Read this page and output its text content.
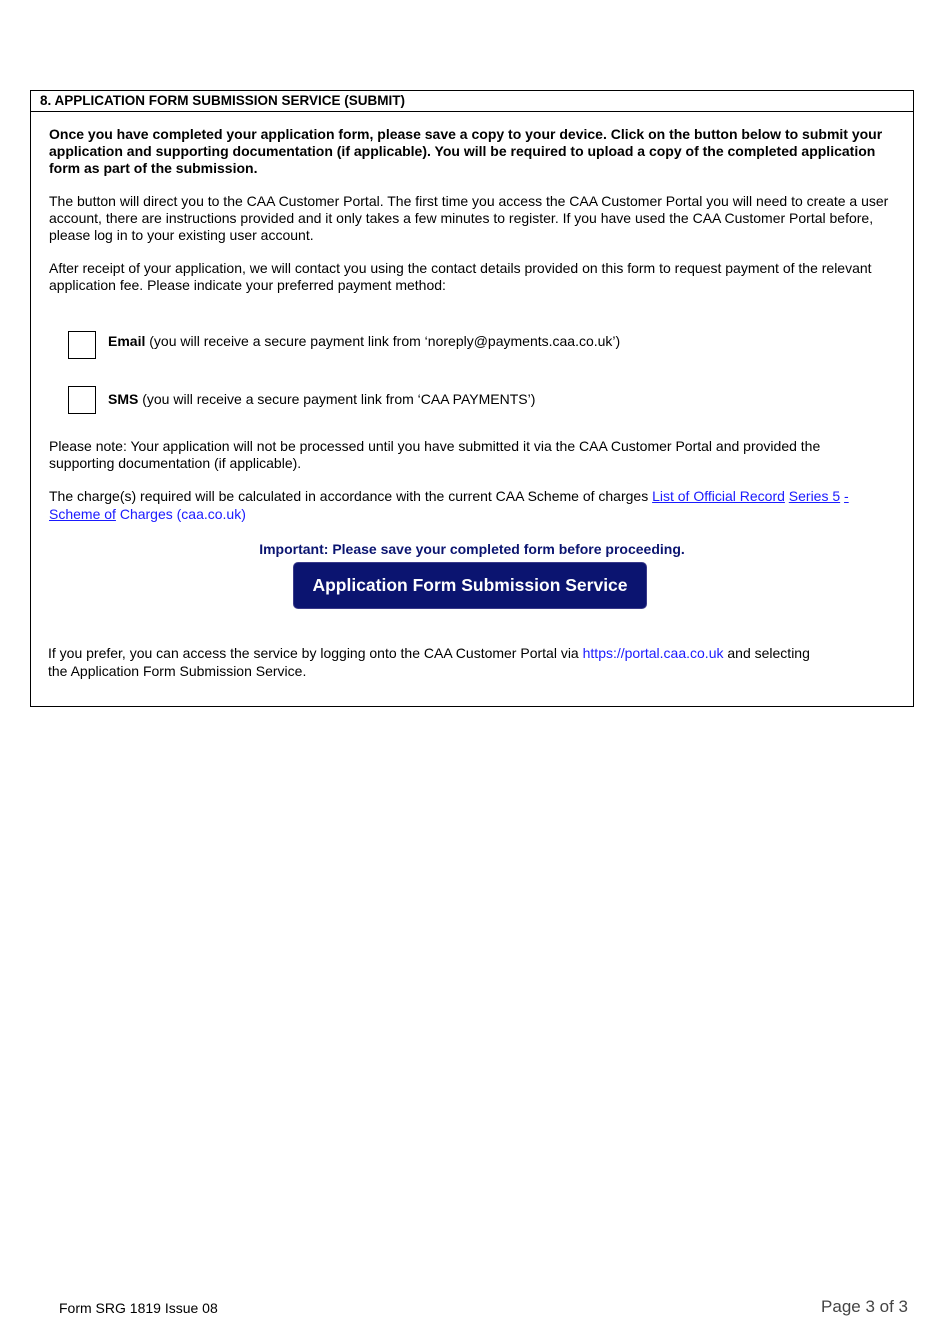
8. APPLICATION FORM SUBMISSION SERVICE (SUBMIT)

Once you have completed your application form, please save a copy to your device. Click on the button below to submit your application and supporting documentation (if applicable). You will be required to upload a copy of the completed application form as part of the submission.

The button will direct you to the CAA Customer Portal. The first time you access the CAA Customer Portal you will need to create a user account, there are instructions provided and it only takes a few minutes to register. If you have used the CAA Customer Portal before, please log in to your existing user account.

After receipt of your application, we will contact you using the contact details provided on this form to request payment of the relevant application fee. Please indicate your preferred payment method:

Email (you will receive a secure payment link from ‘noreply@payments.caa.co.uk’)

SMS (you will receive a secure payment link from ‘CAA PAYMENTS’)

Please note: Your application will not be processed until you have submitted it via the CAA Customer Portal and provided the supporting documentation (if applicable).

The charge(s) required will be calculated in accordance with the current CAA Scheme of charges List of Official Record Series 5 - Scheme of Charges (caa.co.uk)

Important: Please save your completed form before proceeding.
Application Form Submission Service

If you prefer, you can access the service by logging onto the CAA Customer Portal via https://portal.caa.co.uk and selecting the Application Form Submission Service.

Form SRG 1819 Issue 08	Page 3 of 3
